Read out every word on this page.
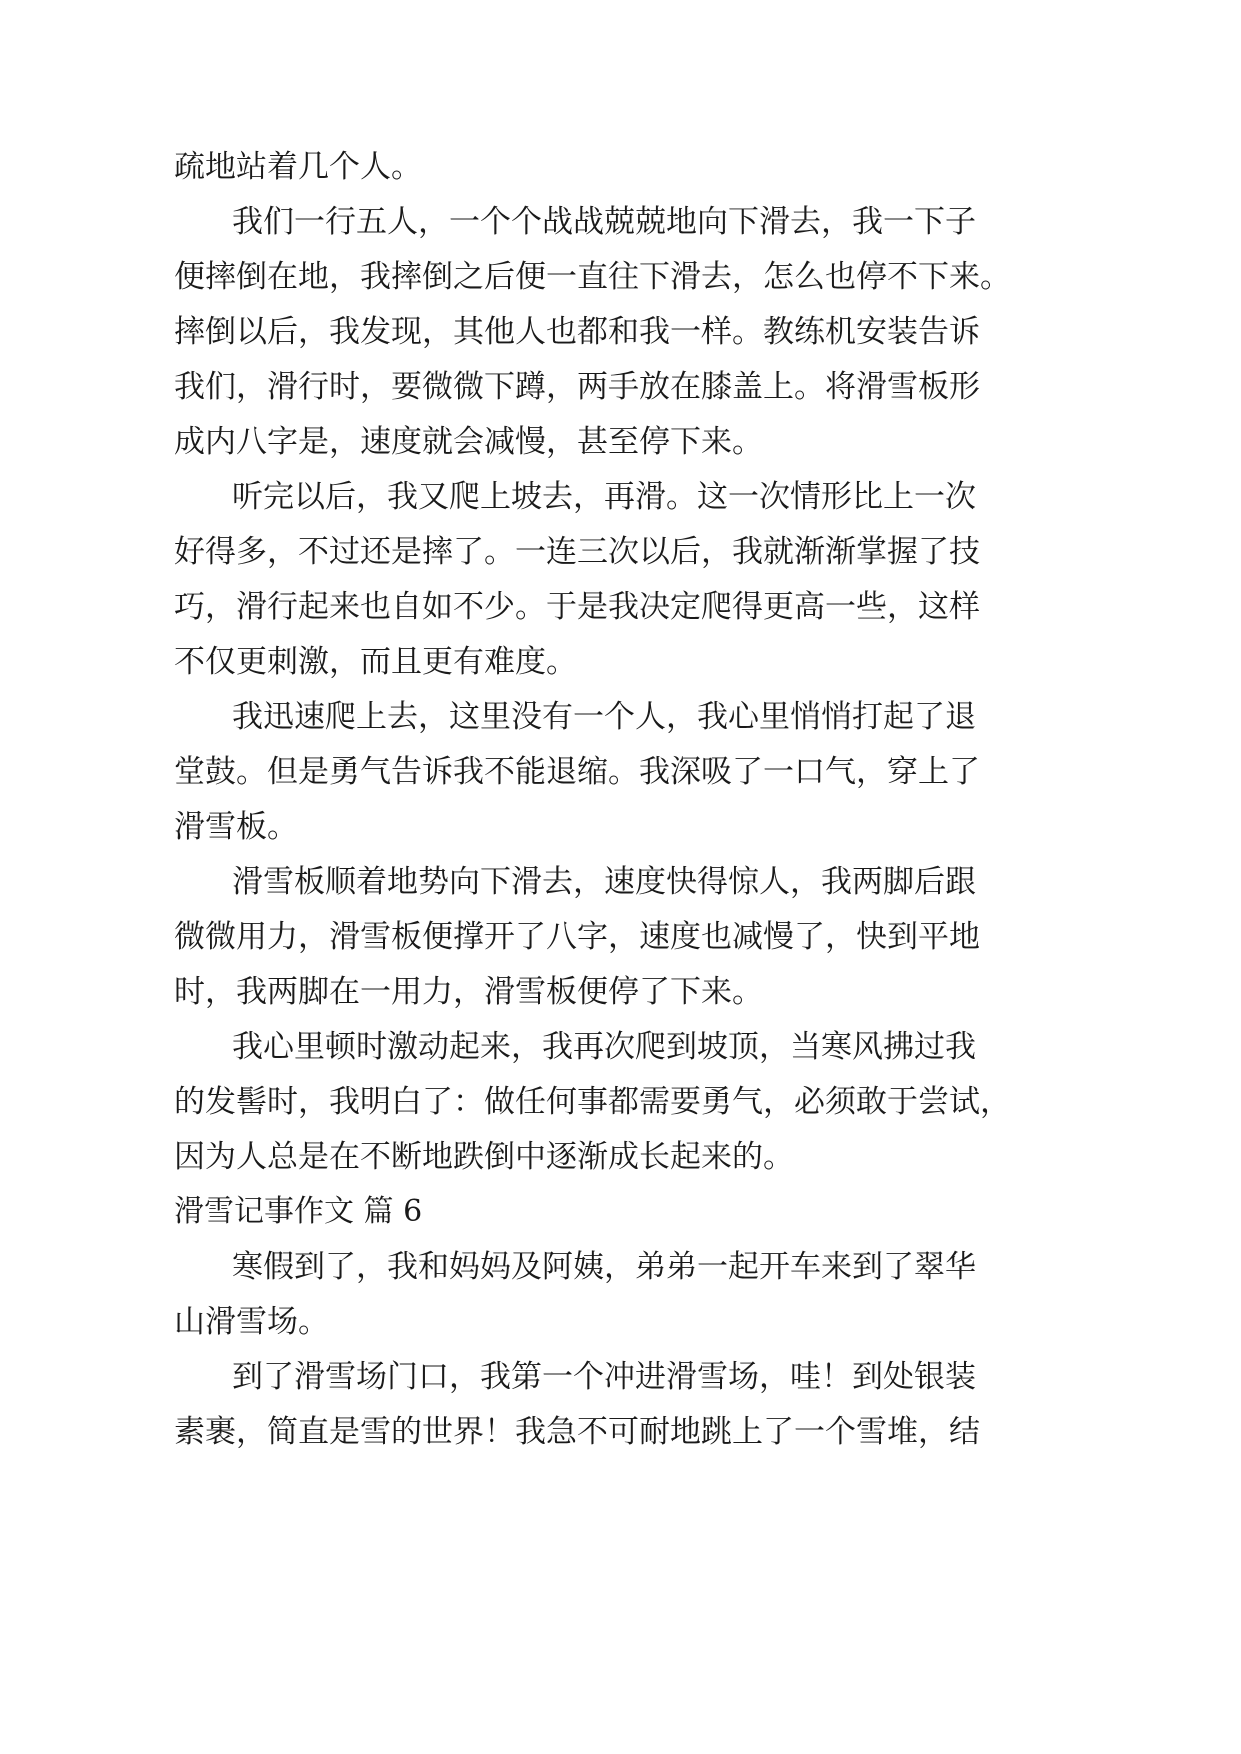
疏地站着几个人。
我们一行五人，一个个战战兢兢地向下滑去，我一下子
便摔倒在地，我摔倒之后便一直往下滑去，怎么也停不下来。
摔倒以后，我发现，其他人也都和我一样。教练机安装告诉
我们，滑行时，要微微下蹲，两手放在膝盖上。将滑雪板形
成内八字是，速度就会减慢，甚至停下来。
听完以后，我又爬上坡去，再滑。这一次情形比上一次
好得多，不过还是摔了。一连三次以后，我就渐渐掌握了技
巧，滑行起来也自如不少。于是我决定爬得更高一些，这样
不仅更刺激，而且更有难度。
我迅速爬上去，这里没有一个人，我心里悄悄打起了退
堂鼓。但是勇气告诉我不能退缩。我深吸了一口气，穿上了
滑雪板。
滑雪板顺着地势向下滑去，速度快得惊人，我两脚后跟
微微用力，滑雪板便撑开了八字，速度也减慢了，快到平地
时，我两脚在一用力，滑雪板便停了下来。
我心里顿时激动起来，我再次爬到坡顶，当寒风拂过我
的发髻时，我明白了：做任何事都需要勇气，必须敢于尝试，
因为人总是在不断地跌倒中逐渐成长起来的。
滑雪记事作文 篇 6
寒假到了，我和妈妈及阿姨，弟弟一起开车来到了翠华
山滑雪场。
到了滑雪场门口，我第一个冲进滑雪场，哇！到处银装
素裹，简直是雪的世界！我急不可耐地跳上了一个雪堆，结
